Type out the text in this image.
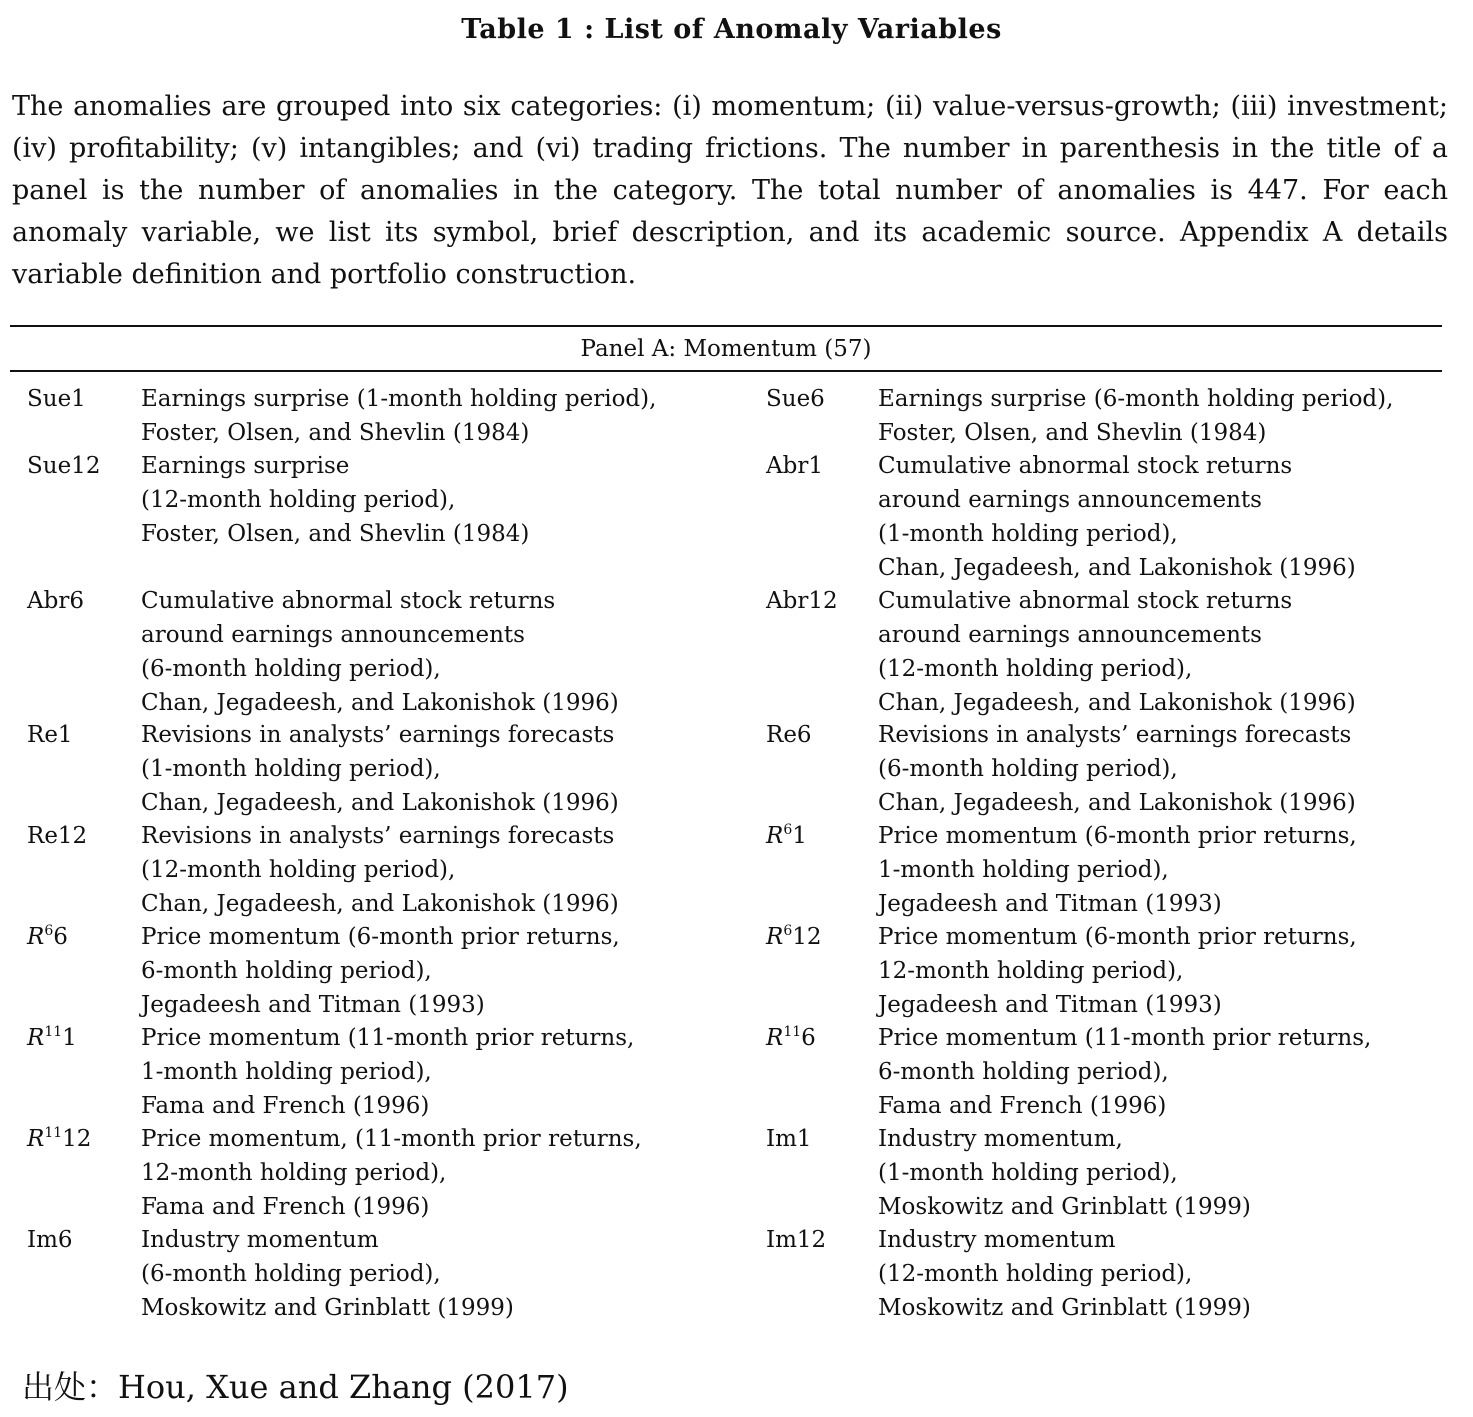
Table 1 : List of Anomaly Variables
The anomalies are grouped into six categories: (i) momentum; (ii) value-versus-growth; (iii) investment; (iv) profitability; (v) intangibles; and (vi) trading frictions. The number in parenthesis in the title of a panel is the number of anomalies in the category. The total number of anomalies is 447. For each anomaly variable, we list its symbol, brief description, and its academic source. Appendix A details variable definition and portfolio construction.
Panel A: Momentum (57)
Sue1 Earnings surprise (1-month holding period),
Foster, Olsen, and Shevlin (1984)
Sue6 Earnings surprise (6-month holding period),
Foster, Olsen, and Shevlin (1984)
Sue12 Earnings surprise
(12-month holding period),
Foster, Olsen, and Shevlin (1984)
Abr1 Cumulative abnormal stock returns
around earnings announcements
(1-month holding period),
Chan, Jegadeesh, and Lakonishok (1996)
Abr6 Cumulative abnormal stock returns
around earnings announcements
(6-month holding period),
Chan, Jegadeesh, and Lakonishok (1996)
Abr12 Cumulative abnormal stock returns
around earnings announcements
(12-month holding period),
Chan, Jegadeesh, and Lakonishok (1996)
Re1	Revisions in analysts’ earnings forecasts
(1-month holding period),
Chan, Jegadeesh, and Lakonishok (1996)
Re6	Revisions in analysts’ earnings forecasts
(6-month holding period),
Chan, Jegadeesh, and Lakonishok (1996)
Re12 Revisions in analysts’ earnings forecasts
(12-month holding period),
Chan, Jegadeesh, and Lakonishok (1996)
$R^61$	Price momentum (6-month prior returns,
1-month holding period),
Jegadeesh and Titman (1993)
$R^66$	Price momentum (6-month prior returns,
6-month holding period),
Jegadeesh and Titman (1993)
$R^612$ Price momentum (6-month prior returns,
12-month holding period),
Jegadeesh and Titman (1993)
$R^{11}1$	Price momentum (11-month prior returns,
1-month holding period),
Fama and French (1996)
$R^{11}6$	Price momentum (11-month prior returns,
6-month holding period),
Fama and French (1996)
$R^{11}12$ Price momentum, (11-month prior returns,
12-month holding period),
Fama and French (1996)
Im1	Industry momentum,
(1-month holding period),
Moskowitz and Grinblatt (1999)
Im6	Industry momentum
(6-month holding period),
Moskowitz and Grinblatt (1999)
Im12 Industry momentum
(12-month holding period),
Moskowitz and Grinblatt (1999)
出处：Hou, Xue and Zhang (2017)
